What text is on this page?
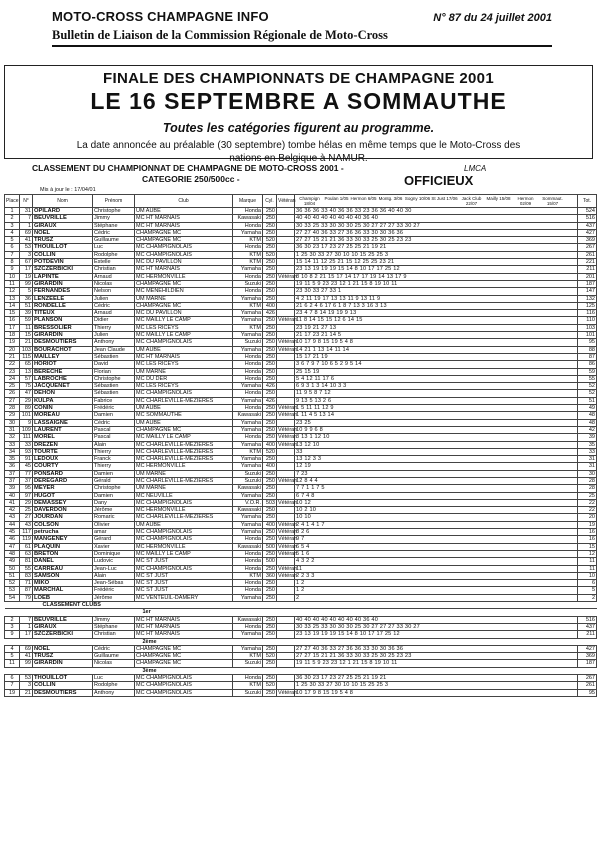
MOTO-CROSS CHAMPAGNE INFO	N° 87 du 24 juillet 2001
Bulletin de Liaison de la Commission Régionale de Moto-Cross
FINALE DES CHAMPIONNATS DE CHAMPAGNE 2001
LE 16 SEPTEMBRE A SOMMAUTHE
Toutes les catégories figurent au programme.
La date annoncée au préalable (30 septembre) tombe hélas en même temps que le Moto-Cross des nations en Belgique à NAMUR.
CLASSEMENT DU CHAMPIONNAT DE CHAMPAGNE DE MOTO-CROSS 2001 -
CATEGORIE 250/500cc -
Mis à jour le : 17/04/01
LMCA
OFFICIEUX
Place	N°	Nom	Prénom	Club	Marque	Cyl.	Vétéran	Champign 18/04Poulan 1/05 Hermon 6/05 Montg. 3/06 Sogny 10/06St Just 17/06 Jack Club 22/07Mailly 15/08 Hermon 02/09Sommaut. 15/07	Tot.
1	31	OPILARD	Christophe	UM AUBE	Honda	250		36 36 36 33 40 36 36 33 23 36 36 40 40 30	524
2	7	BEUVRILLE	Jimmy	MC HT MARNAIS	Kawasaki	250		40 40 40 40 40 40 40 40 36 40	516
3	1	GIRAUX	Stéphane	MC HT MARNAIS	Honda	250		30 33 25 33 30 30 30 25 30 27 27 27 33 30 27	437
4	69	NOEL	Cédric	CHAMPAGNE MC	Yamaha	250		27 27 40 36 33 27 36 36 33 30 30 36 36	427
5	41	TRUSZ	Guillaume	CHAMPAGNE MC	KTM	520		27 27 15 21 21 36 33 30 33 25 30 25 23 23	369
6	53	THOUILLOT	Luc	MC CHAMPIGNOLAIS	Honda	250		36 30 23 17 23 27 25 25 21 19 21	267
7	3	COLLIN	Rodolphe	MC CHAMPIGNOLAIS	KTM	520		1 25 30 33 27 30 10 10 15 25 25 3	261
8	67	POTDEVIN	Estelle	MC DU PAVILLON	KTM	250		15 14 11 12 25 21 15 12 25 25 23 21	221
9	17	SZCZERBICKI	Christian	MC HT MARNAIS	Yamaha	250		23 13 19 19 19 15 14 8 10 17 17 25 12	211
10	19	LAPINTE	Arnaud	MC HERMONVILLE	Honda	250	Vétéran	8 10 8 2 21 15 17 14 17 17 19 14 13 17 9	201
11	99	GIRARDIN	Nicolas	CHAMPAGNE MC	Suzuki	250		19 11 5 9 23 23 12 1 21 15 8 19 10 11	187
12	5	FERNANDES	Nelson	MC MENEHILDIEN	Honda	250		23 30 33 27 33 1	147
13	36	LENZEELE	Julien	UM MARNE	Yamaha	250		4 2 11 19 17 13 13 11 9 13 11 9	132
14	51	RONDELLE	Cédric	CHAMPAGNE MC	KTM	400		21 6 2 4 6 17 6 1 8 7 13 3 16 3 13	125
15	39	TITEUX	Arnaud	MC DU PAVILLON	Yamaha	426		23 4 7 8 14 19 19 9 13	116
16	59	PLANSON	Didier	MC MAILLY LE CAMP	Yamaha	250	Vétéran	11 8 14 15 15 12 6 14 15	110
17	11	BRESSOLIER	Thierry	MC LES RICEYS	KTM	250		23 19 21 27 13	103
18	15	GIRARDIN	Julien	MC MAILLY LE CAMP	Yamaha	250		21 17 23 21 14 5	101
19	21	DESMOUTIERS	Anthony	MC CHAMPIGNOLAIS	Suzuki	250	Vétéran	10 17 9 8 15 19 5 4 8	95
20	103	BOURACHOT	Jean Claude	UM AUBE	Yamaha	250	Vétéran	14 21 1 13 14 11 14	88
21	115	MAILLEY	Sébastien	MC HT MARNAIS	Honda	250		15 17 21 19	87
22	65	HORIOT	David	MC LES RICEYS	Honda	250		3 6 7 9 7 10 6 5 2 9 5 14	86
23	13	BERECHE	Florian	UM MARNE	Honda	250		25 15 19	59
24	57	LABROCHE	Christophe	MC DU DER	Honda	250		5 4 12 11 17 6	55
25	75	JACQUENET	Sébastien	MC LES RICEYS	Yamaha	426		6 9 3 1 3 14 10 3 3	52
26	47	DEHON	Sébastien	MC CHAMPIGNOLAIS	Honda	250		11 9 5 8 7 12	52
27	29	KULPA	Fabrice	MC CHARLEVILLE-MEZIERES	Yamaha	426		9 13 5 13 2 6	51
28	89	CONIN	Frédéric	UM AUBE	Honda	250	Vétéran	1 5 11 11 12 9	49
29	101	MOREAU	Damien	MC SOMMAUTHE	Kawasaki	250	Vétéran	1 11 4 5 13 14	48
30	9	LASSAIGNE	Cédric	UM AUBE	Yamaha	250		23 25	48
31	109	LAURENT	Pascal	CHAMPAGNE MC	Yamaha	250	Vétéran	10 9 9 6 8	42
32	111	MOREL	Pascal	MC MAILLY LE CAMP	Honda	250	Vétéran	3 13 1 12 10	39
33	33	DREZEN	Alain	MC CHARLEVILLE-MEZIERES	Yamaha	400	Vétéran	13 12 10	35
34	93	TOURTE	Thierry	MC CHARLEVILLE-MEZIERES	KTM	520		33	33
35	91	LEDOUX	Franck	MC CHARLEVILLE-MEZIERES	Yamaha	250		13 12 3 3	31
36	45	COURTY	Thierry	MC HERMONVILLE	Yamaha	400		12 19	31
37	77	PONSARD	Damien	UM MARNE	Suzuki	250		7 23	30
37	37	DEREGARD	Gérald	MC CHARLEVILLE-MEZIERES	Suzuki	250	Vétéran	12 8 4 4	28
39	95	MEYER	Christophe	UM MARNE	Kawasaki	250		7 7 1 1 7 5	28
40	97	HUGOT	Damien	MC NEUVILLE	Yamaha	250		6 7 4 8	25
41	29	DEMASSEY	Dany	MC CHAMPIGNOLAIS	V.O.R.	503	Vétéran	10 12	22
42	25	DAVERDON	Jérôme	MC HERMONVILLE	Kawasaki	250		10 2 10	22
43	27	JOURDAN	Romaric	MC CHARLEVILLE-MEZIERES	Yamaha	250		10 10	20
44	43	COLSON	Olivier	UM AUBE	Yamaha	400	Vétéran	2 4 1 4 1 7	19
45	117	petrucha	amar	MC CHAMPIGNOLAIS	Yamaha	250	Vétéran	8 2 6	16
46	119	MANGENEY	Gérard	MC CHAMPIGNOLAIS	Honda	250	Vétéran	9 7	16
47	61	PLAQUIN	Xavier	MC HERMONVILLE	Kawasaki	500	Vétéran	6 5 4	15
48	63	BRETON	Dominique	MC MAILLY LE CAMP	Honda	250	Vétéran	5 1 6	12
49	81	DANEL	Ludovic	MC ST JUST	Honda	500		4 3 2 2	11
50	55	CARREAU	Jean-Luc	MC CHAMPIGNOLAIS	Honda	250	Vétéran	11	11
51	83	SAMSON	Alain	MC ST JUST	KTM	360	Vétéran	2 2 3 3	10
52	71	MIKO	Jean-Sébas	MC ST JUST	Honda	250		1 2	6
53	87	MARCHAL	Frédéric	MC ST JUST	Honda	250		1 2	5
54	79	LOEB	Jérôme	MC VENTEUIL-DAMERY	Yamaha	250		2	2
		CLASSEMENT CLUBS							
		1er							
2	7	BEUVRILLE	Jimmy	MC HT MARNAIS	Kawasaki	250		40 40 40 40 40 40 40 40 36 40	516
3	1	GIRAUX	Stéphane	MC HT MARNAIS	Honda	250		30 33 25 33 30 30 30 25 30 27 27 27 33 30 27	437
9	17	SZCZERBICKI	Christian	MC HT MARNAIS	Yamaha	250		23 13 19 19 19 15 14 8 10 17 17 25 12	211
		2ème							
4	69	NOEL	Cédric	CHAMPAGNE MC	Yamaha	250		27 27 40 36 33 27 36 36 33 30 30 36 36	427
5	41	TRUSZ	Guillaume	CHAMPAGNE MC	KTM	520		27 27 15 21 21 36 33 30 33 25 30 25 23 23	369
11	99	GIRARDIN	Nicolas	CHAMPAGNE MC	Suzuki	250		19 11 5 9 23 23 12 1 21 15 8 19 10 11	187
		3ème							
6	53	THOUILLOT	Luc	MC CHAMPIGNOLAIS	Honda	250		36 30 23 17 23 27 25 25 21 19 21	267
7	3	COLLIN	Rodolphe	MC CHAMPIGNOLAIS	KTM	520		1 25 30 33 27 30 10 10 15 25 25 3	261
19	21	DESMOUTIERS	Anthony	MC CHAMPIGNOLAIS	Suzuki	250	Vétéran	10 17 9 8 15 19 5 4 8	95
